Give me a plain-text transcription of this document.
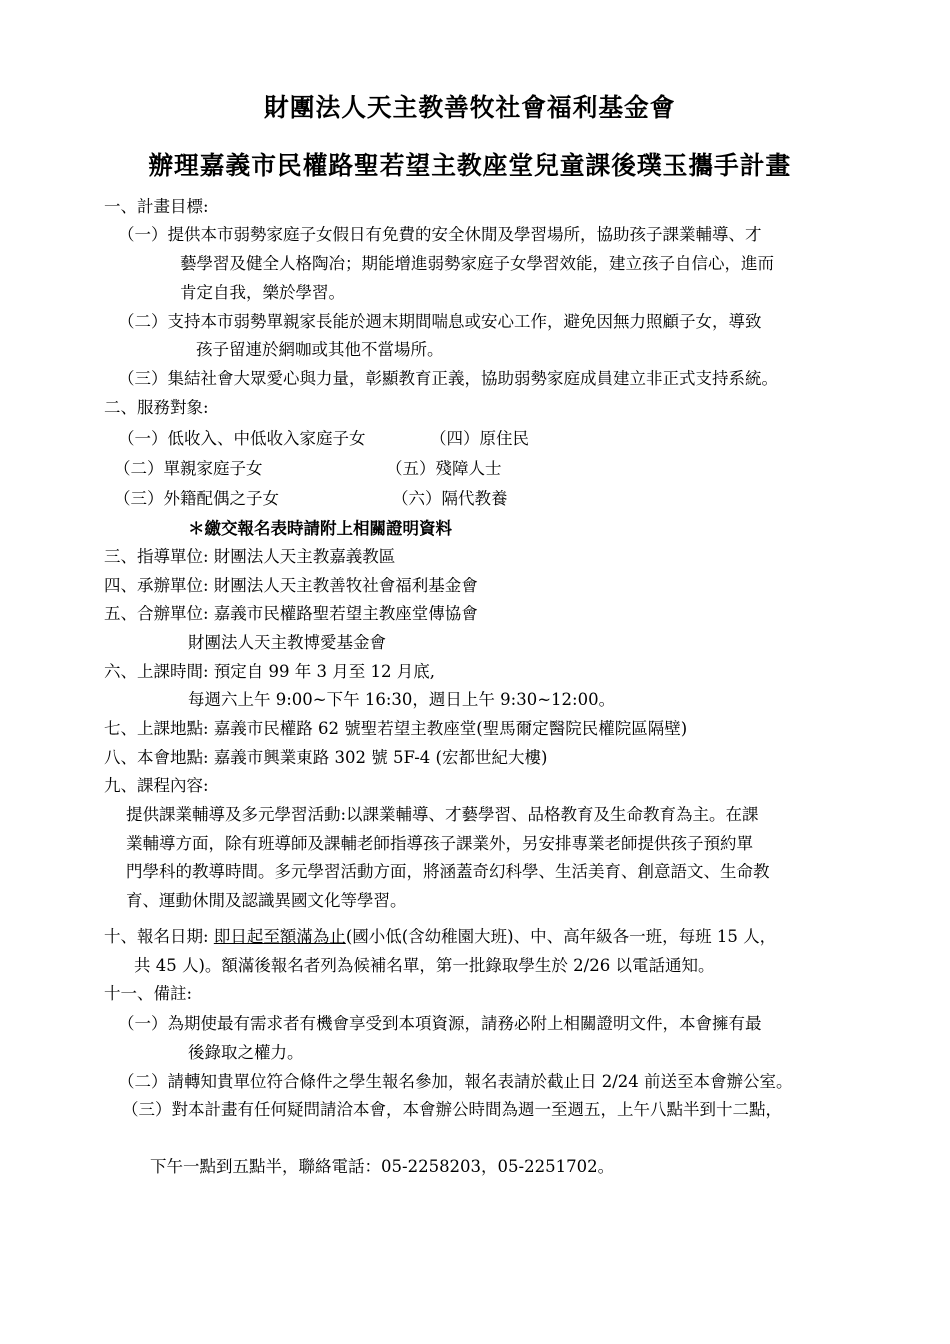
財團法人天主教善牧社會福利基金會
辦理嘉義市民權路聖若望主教座堂兒童課後璞玉攜手計畫
一、計畫目標:
（一）提供本市弱勢家庭子女假日有免費的安全休閒及學習場所，協助孩子課業輔導、才
藝學習及健全人格陶冶；期能增進弱勢家庭子女學習效能，建立孩子自信心，進而
肯定自我，樂於學習。
（二）支持本市弱勢單親家長能於週末期間喘息或安心工作，避免因無力照顧子女，導致
孩子留連於網咖或其他不當場所。
（三）集結社會大眾愛心與力量，彰顯教育正義，協助弱勢家庭成員建立非正式支持系統。
二、服務對象:
（一）低收入、中低收入家庭子女	（四）原住民
（二）單親家庭子女	（五）殘障人士
（三）外籍配偶之子女	（六）隔代教養
＊繳交報名表時請附上相關證明資料
三、指導單位: 財團法人天主教嘉義教區
四、承辦單位: 財團法人天主教善牧社會福利基金會
五、合辦單位: 嘉義市民權路聖若望主教座堂傳協會
財團法人天主教博愛基金會
六、上課時間: 預定自 99 年 3 月至 12 月底,
每週六上午 9:00~下午 16:30，週日上午 9:30~12:00。
七、上課地點: 嘉義市民權路 62 號聖若望主教座堂(聖馬爾定醫院民權院區隔壁)
八、本會地點: 嘉義市興業東路 302 號 5F-4 (宏都世紀大樓)
九、課程內容:
提供課業輔導及多元學習活動:以課業輔導、才藝學習、品格教育及生命教育為主。在課
業輔導方面，除有班導師及課輔老師指導孩子課業外，另安排專業老師提供孩子預約單
門學科的教導時間。多元學習活動方面，將涵蓋奇幻科學、生活美育、創意語文、生命教
育、運動休閒及認識異國文化等學習。
十、報名日期: 即日起至額滿為止(國小低(含幼稚園大班)、中、高年級各一班，每班 15 人，
共 45 人)。額滿後報名者列為候補名單，第一批錄取學生於 2/26 以電話通知。
十一、備註:
（一）為期使最有需求者有機會享受到本項資源，請務必附上相關證明文件，本會擁有最
後錄取之權力。
（二）請轉知貴單位符合條件之學生報名參加，報名表請於截止日 2/24 前送至本會辦公室。
（三）對本計畫有任何疑問請洽本會，本會辦公時間為週一至週五，上午八點半到十二點，
下午一點到五點半，聯絡電話：05-2258203，05-2251702。
